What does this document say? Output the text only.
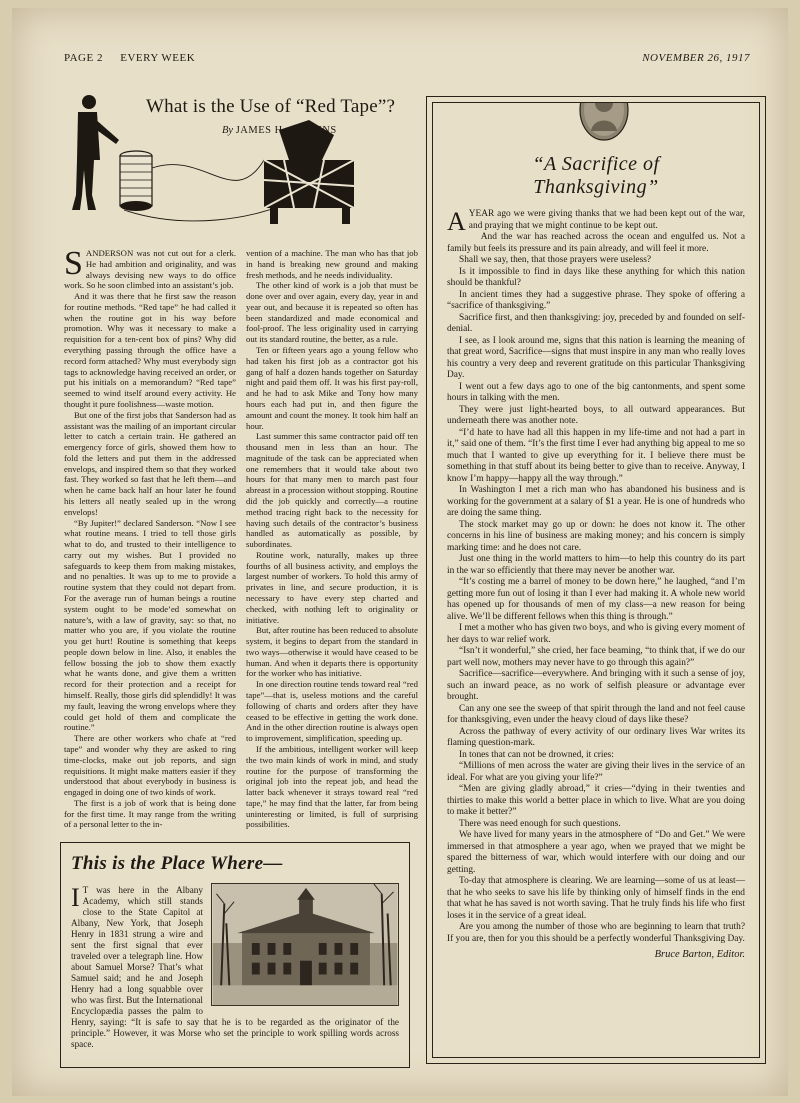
PAGE 2 EVERY WEEK	NOVEMBER 26, 1917
What is the Use of “Red Tape”?
By JAMES H. COLLINS

SANDERSON was not cut out for a clerk. He had ambition and originality, and was always devising new ways to do office work. So he soon climbed into an assistant’s job.

And it was there that he first saw the reason for routine methods. “Red tape” he had called it when the routine got in his way before promotion. Why was it necessary to make a requisition for a ten-cent box of pins? Why did everything passing through the office have a record form attached? Why must everybody sign tags to acknowledge having received an order, or put his initials on a memorandum? “Red tape” seemed to wind itself around every activity. He thought it pure foolishness—waste motion.

But one of the first jobs that Sanderson had as assistant was the mailing of an important circular letter to catch a certain train. He gathered an emergency force of girls, showed them how to fold the letters and put them in the addressed envelops, and inspired them so that they worked fast. They worked so fast that he left them—and when he came back half an hour later he found his letters all neatly sealed up in the wrong envelops!

“By Jupiter!” declared Sanderson. “Now I see what routine means. I tried to tell those girls what to do, and trusted to their intelligence to carry out my wishes. But I provided no safeguards to keep them from making mistakes, and no penalties. It was up to me to provide a routine system that they could not depart from. For the average run of human beings a routine system ought to be mode’ed somewhat on nature’s, with a law of gravity, say: so that, no matter who you are, if you violate the routine you get hurt! Routine is something that keeps people down below in line. Also, it enables the fellow bossing the job to show them exactly what he wants done, and give them a written record for their protection and a receipt for himself. Really, those girls did splendidly! It was my fault, leaving the wrong envelops where they could get hold of them and complicate the routine.”

There are other workers who chafe at “red tape” and wonder why they are asked to ring time-clocks, make out job reports, and sign requisitions. It might make matters easier if they understood that about everybody in business is engaged in doing one of two kinds of work.

The first is a job of work that is being done for the first time. It may range from the writing of a personal letter to the in-

vention of a machine. The man who has that job in hand is breaking new ground and making fresh methods, and he needs individuality.

The other kind of work is a job that must be done over and over again, every day, year in and year out, and because it is repeated so often has been standardized and made economical and fool-proof. The less originality used in carrying out its standard routine, the better, as a rule.

Ten or fifteen years ago a young fellow who had taken his first job as a contractor got his gang of half a dozen hands together on Saturday night and paid them off. It was his first pay-roll, and he had to ask Mike and Tony how many hours each had put in, and then figure the amount and count the money. It took him half an hour.

Last summer this same contractor paid off ten thousand men in less than an hour. The magnitude of the task can be appreciated when one remembers that it would take about two hours for that many men to march past four abreast in a procession without stopping. Routine did the job quickly and correctly—a routine method tracing right back to the necessity for having such details of the contractor’s business handled as automatically as possible, by subordinates.

Routine work, naturally, makes up three fourths of all business activity, and employs the largest number of workers. To hold this army of privates in line, and secure production, it is necessary to have every step charted and checked, with nothing left to originality or initiative.

But, after routine has been reduced to absolute system, it begins to depart from the standard in two ways—otherwise it would have ceased to be human. And when it departs there is opportunity for the worker who has initiative.

In one direction routine tends toward real “red tape”—that is, useless motions and the careful following of charts and orders after they have ceased to be effective in getting the work done. And in the other direction routine is always open to improvement, simplification, speeding up.

If the ambitious, intelligent worker will keep the two main kinds of work in mind, and study routine for the purpose of transforming the original job into the repeat job, and head the latter back whenever it strays toward real “red tape,” he may find that the latter, far from being uninteresting or limited, is full of surprising possibilities.

This is the Place Where—
I T was here in the Albany Academy, which still stands close to the State Capitol at Albany, New York, that Joseph Henry in 1831 strung a wire and sent the first signal that ever traveled over a telegraph line. How about Samuel Morse? That’s what Samuel said; and he and Joseph Henry had a long squabble over who was first. But the International Encyclopædia passes the palm to Henry, saying: “It is safe to say that he is to be regarded as the originator of the principle.” However, it was Morse who set the principle to work spilling words across space.
“A Sacrifice of Thanksgiving”

AYEAR ago we were giving thanks that we had been kept out of the war, and praying that we might continue to be kept out.

And the war has reached across the ocean and engulfed us. Not a family but feels its pressure and its pain already, and will feel it more.

Shall we say, then, that those prayers were useless?

Is it impossible to find in days like these anything for which this nation should be thankful?

In ancient times they had a suggestive phrase. They spoke of offering a “sacrifice of thanksgiving.”

Sacrifice first, and then thanksgiving: joy, preceded by and founded on self-denial.

I see, as I look around me, signs that this nation is learning the meaning of that great word, Sacrifice—signs that must inspire in any man who really loves his country a very deep and reverent gratitude on this particular Thanksgiving Day.

I went out a few days ago to one of the big cantonments, and spent some hours in talking with the men.

They were just light-hearted boys, to all outward appearances. But underneath there was another note.

“I’d hate to have had all this happen in my life-time and not had a part in it,” said one of them. “It’s the first time I ever had anything big appeal to me so much that I wanted to give up everything for it. I believe there must be something in that stuff about its being better to give than to receive. Anyway, I know I’m happy—happy all the way through.”

In Washington I met a rich man who has abandoned his business and is working for the government at a salary of $1 a year. He is one of hundreds who are doing the same thing.

The stock market may go up or down: he does not know it. The other concerns in his line of business are making money; and his concern is simply marking time: and he does not care.

Just one thing in the world matters to him—to help this country do its part in the war so efficiently that there may never be another war.

“It’s costing me a barrel of money to be down here,” he laughed, “and I’m getting more fun out of losing it than I ever had making it. A whole new world has opened up for thousands of men of my class—a new reason for being alive. We’ll be different fellows when this thing is through.”

I met a mother who has given two boys, and who is giving every moment of her days to war relief work.

“Isn’t it wonderful,” she cried, her face beaming, “to think that, if we do our part well now, mothers may never have to go through this again?”

Sacrifice—sacrifice—everywhere. And bringing with it such a sense of joy, such an inward peace, as no work of selfish pleasure or advantage ever brought.

Can any one see the sweep of that spirit through the land and not feel cause for thanksgiving, even under the heavy cloud of days like these?

Across the pathway of every activity of our ordinary lives War writes its flaming question-mark.

In tones that can not be drowned, it cries:

“Millions of men across the water are giving their lives in the service of an ideal. For what are you giving your life?”

“Men are giving gladly abroad,” it cries—“dying in their twenties and thirties to make this world a better place in which to live. What are you doing to make it better?”

There was need enough for such questions.

We have lived for many years in the atmosphere of “Do and Get.” We were immersed in that atmosphere a year ago, when we prayed that we might be spared the bitterness of war, which would interfere with our doing and our getting.

To-day that atmosphere is clearing. We are learning—some of us at least—that he who seeks to save his life by thinking only of himself finds in the end that what he has saved is not worth saving. That he truly finds his life who first loses it in the service of a great ideal.

Are you among the number of those who are beginning to learn that truth? If you are, then for you this should be a perfectly wonderful Thanksgiving Day.

Bruce Barton, Editor.
